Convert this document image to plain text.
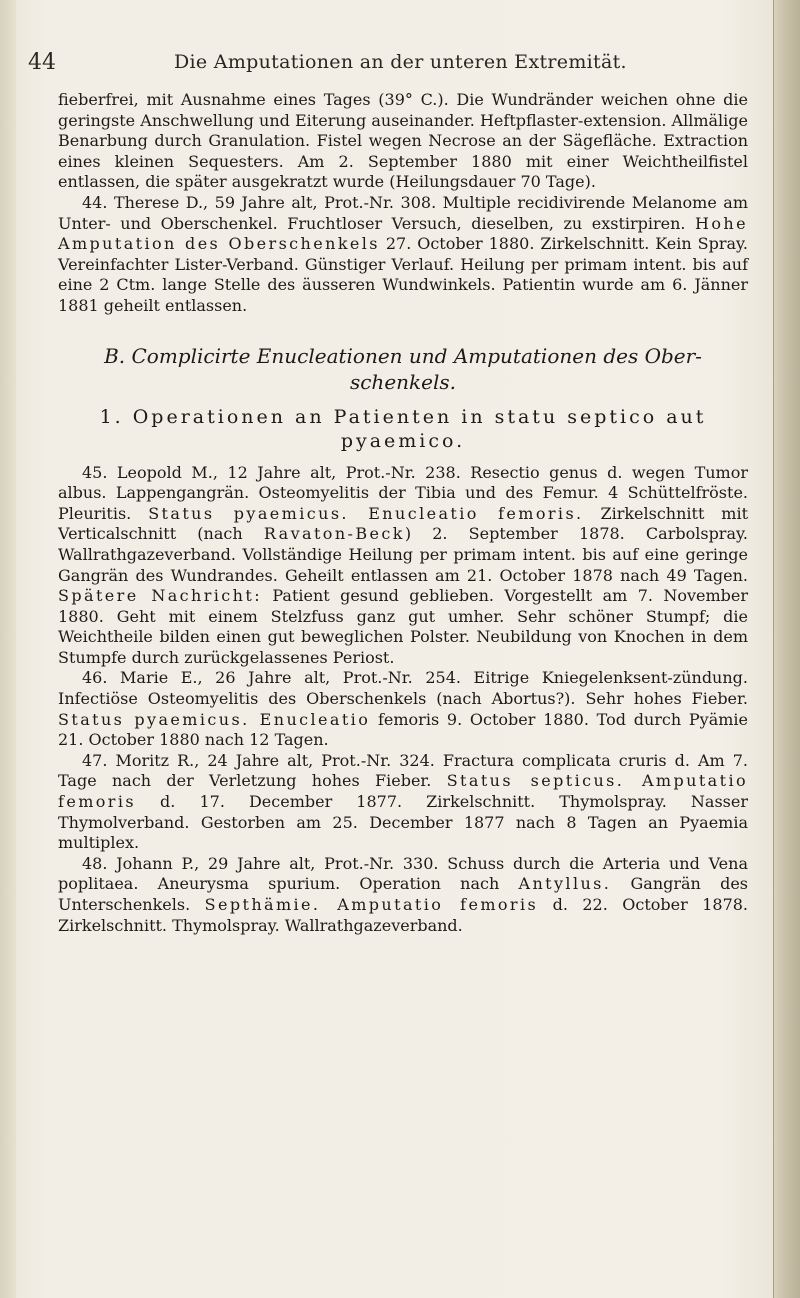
44	Die Amputationen an der unteren Extremität.

fieberfrei, mit Ausnahme eines Tages (39° C.). Die Wundränder weichen ohne die geringste Anschwellung und Eiterung auseinander. Heftpflaster-extension. Allmälige Benarbung durch Granulation. Fistel wegen Necrose an der Sägefläche. Extraction eines kleinen Sequesters. Am 2. September 1880 mit einer Weichtheilfistel entlassen, die später ausgekratzt wurde (Heilungsdauer 70 Tage).

44. Therese D., 59 Jahre alt, Prot.-Nr. 308. Multiple recidivirende Melanome am Unter- und Oberschenkel. Fruchtloser Versuch, dieselben, zu exstirpiren. Hohe Amputation des Oberschenkels 27. October 1880. Zirkelschnitt. Kein Spray. Vereinfachter Lister-Verband. Günstiger Verlauf. Heilung per primam intent. bis auf eine 2 Ctm. lange Stelle des äusseren Wundwinkels. Patientin wurde am 6. Jänner 1881 geheilt entlassen.

B. Complicirte Enucleationen und Amputationen des Ober-schenkels.
1. Operationen an Patienten in statu septico aut pyaemico.

45. Leopold M., 12 Jahre alt, Prot.-Nr. 238. Resectio genus d. wegen Tumor albus. Lappengangrän. Osteomyelitis der Tibia und des Femur. 4 Schüttelfröste. Pleuritis. Status pyaemicus. Enucleatio femoris. Zirkelschnitt mit Verticalschnitt (nach Ravaton-Beck) 2. September 1878. Carbolspray. Wallrathgazeverband. Vollständige Heilung per primam intent. bis auf eine geringe Gangrän des Wundrandes. Geheilt entlassen am 21. October 1878 nach 49 Tagen. Spätere Nachricht: Patient gesund geblieben. Vorgestellt am 7. November 1880. Geht mit einem Stelzfuss ganz gut umher. Sehr schöner Stumpf; die Weichtheile bilden einen gut beweglichen Polster. Neubildung von Knochen in dem Stumpfe durch zurückgelassenes Periost.

46. Marie E., 26 Jahre alt, Prot.-Nr. 254. Eitrige Kniegelenksent-zündung. Infectiöse Osteomyelitis des Oberschenkels (nach Abortus?). Sehr hohes Fieber. Status pyaemicus. Enucleatio femoris 9. October 1880. Tod durch Pyämie 21. October 1880 nach 12 Tagen.

47. Moritz R., 24 Jahre alt, Prot.-Nr. 324. Fractura complicata cruris d. Am 7. Tage nach der Verletzung hohes Fieber. Status septicus. Amputatio femoris d. 17. December 1877. Zirkelschnitt. Thymolspray. Nasser Thymolverband. Gestorben am 25. December 1877 nach 8 Tagen an Pyaemia multiplex.

48. Johann P., 29 Jahre alt, Prot.-Nr. 330. Schuss durch die Arteria und Vena poplitaea. Aneurysma spurium. Operation nach Antyllus. Gangrän des Unterschenkels. Septhämie. Amputatio femoris d. 22. October 1878. Zirkelschnitt. Thymolspray. Wallrathgazeverband.
